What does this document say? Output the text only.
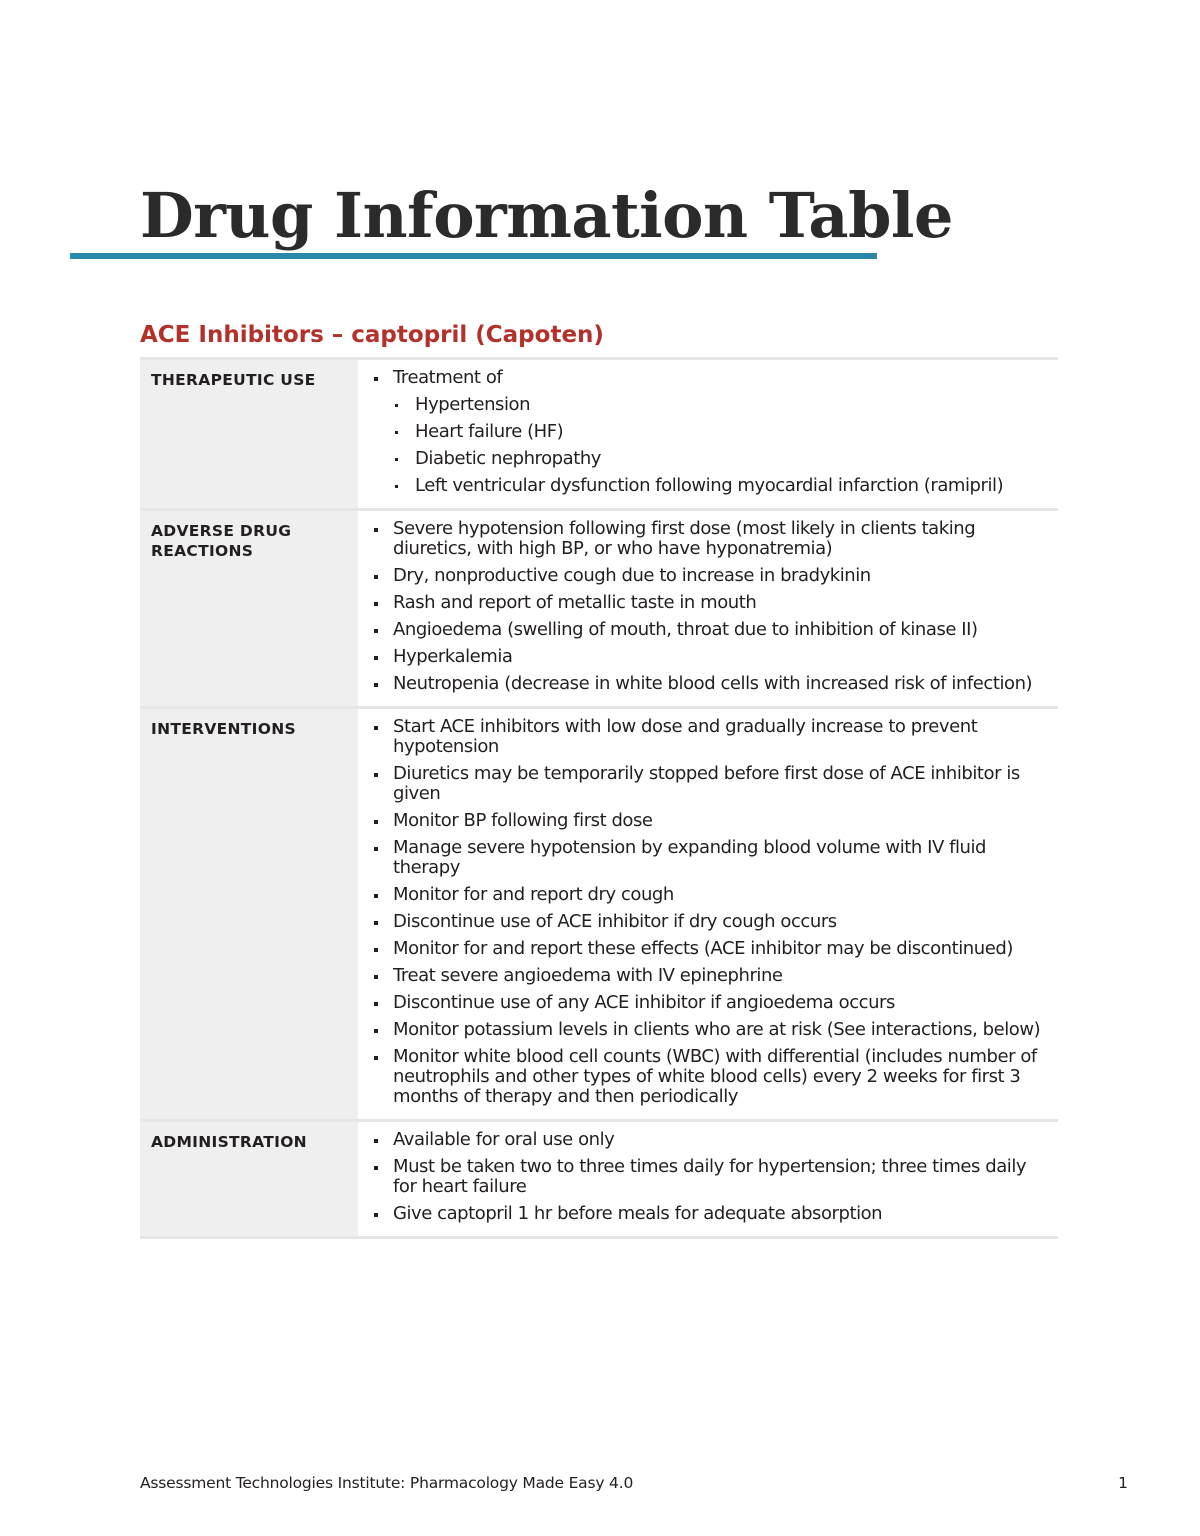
Drug Information Table
ACE Inhibitors – captopril (Capoten)
THERAPEUTIC USE	Treatment of
Hypertension
Heart failure (HF)
Diabetic nephropathy
Left ventricular dysfunction following myocardial infarction (ramipril)
ADVERSE DRUG REACTIONS
Severe hypotension following first dose (most likely in clients taking diuretics, with high BP, or who have hyponatremia)
Dry, nonproductive cough due to increase in bradykinin
Rash and report of metallic taste in mouth
Angioedema (swelling of mouth, throat due to inhibition of kinase II)
Hyperkalemia
Neutropenia (decrease in white blood cells with increased risk of infection)
INTERVENTIONS	Start ACE inhibitors with low dose and gradually increase to prevent hypotension
Diuretics may be temporarily stopped before first dose of ACE inhibitor is given
Monitor BP following first dose
Manage severe hypotension by expanding blood volume with IV fluid therapy
Monitor for and report dry cough
Discontinue use of ACE inhibitor if dry cough occurs
Monitor for and report these effects (ACE inhibitor may be discontinued)
Treat severe angioedema with IV epinephrine
Discontinue use of any ACE inhibitor if angioedema occurs
Monitor potassium levels in clients who are at risk (See interactions, below)
Monitor white blood cell counts (WBC) with differential (includes number of neutrophils and other types of white blood cells) every 2 weeks for first 3 months of therapy and then periodically
ADMINISTRATION	Available for oral use only
Must be taken two to three times daily for hypertension; three times daily for heart failure
Give captopril 1 hr before meals for adequate absorption
Assessment Technologies Institute: Pharmacology Made Easy 4.0	1
